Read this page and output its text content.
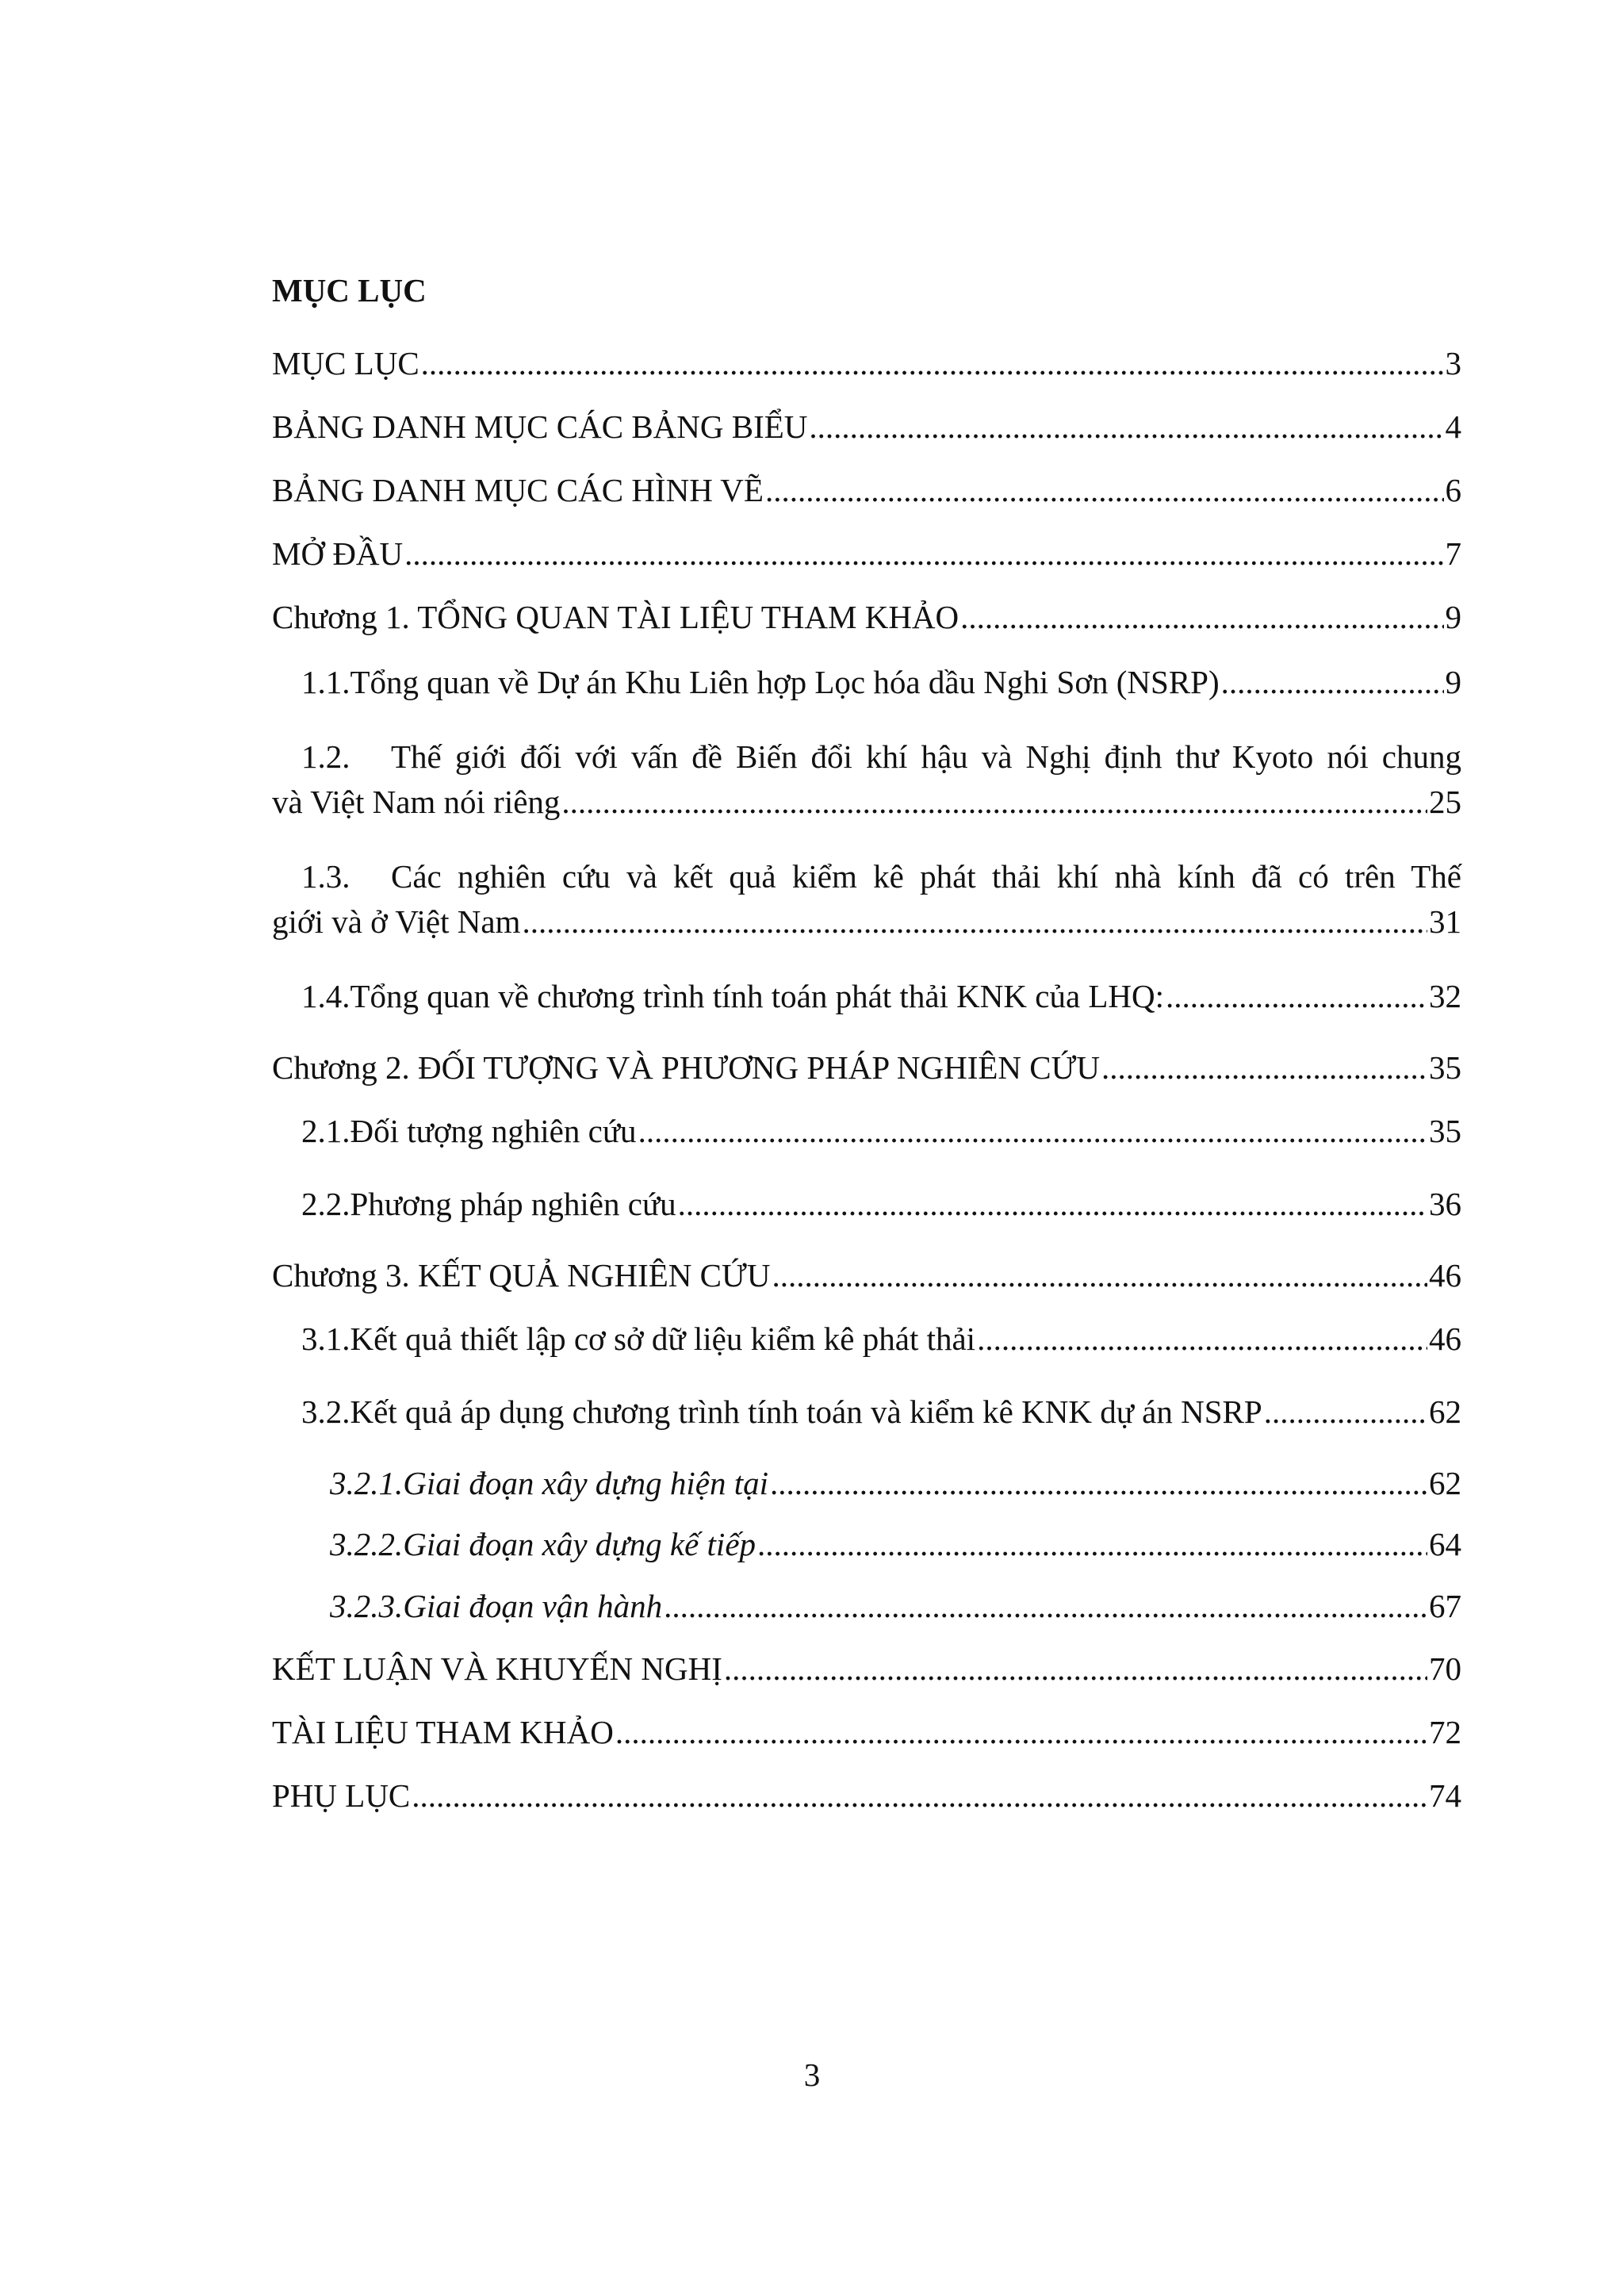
MỤC LỤC
MỤC LỤC .....	3
BẢNG DANH MỤC CÁC BẢNG BIỂU .....	4
BẢNG DANH MỤC CÁC HÌNH VẼ .....	6
MỞ ĐẦU .....	7
Chương 1. TỔNG QUAN TÀI LIỆU THAM KHẢO .....	9
1.1. Tổng quan về Dự án Khu Liên hợp Lọc hóa dầu Nghi Sơn (NSRP) .....	9
1.2.	Thế giới đối với vấn đề Biến đổi khí hậu và Nghị định thư Kyoto nói chung
và Việt Nam nói riêng .....	25
1.3.	Các nghiên cứu và kết quả kiểm kê phát thải khí nhà kính đã có trên Thế
giới và ở Việt Nam .....	31
1.4. Tổng quan về chương trình tính toán phát thải KNK của LHQ: .....	32
Chương 2. ĐỐI TƯỢNG VÀ PHƯƠNG PHÁP NGHIÊN CỨU .....	35
2.1. Đối tượng nghiên cứu .....	35
2.2. Phương pháp nghiên cứu .....	36
Chương 3. KẾT QUẢ NGHIÊN CỨU .....	46
3.1. Kết quả thiết lập cơ sở dữ liệu kiểm kê phát thải .....	46
3.2. Kết quả áp dụng chương trình tính toán và kiểm kê KNK dự án NSRP .....	62
3.2.1. Giai đoạn xây dựng hiện tại .....	62
3.2.2. Giai đoạn xây dựng kế tiếp .....	64
3.2.3. Giai đoạn vận hành .....	67
KẾT LUẬN VÀ KHUYẾN NGHỊ .....	70
TÀI LIỆU THAM KHẢO .....	72
PHỤ LỤC .....	74
3
